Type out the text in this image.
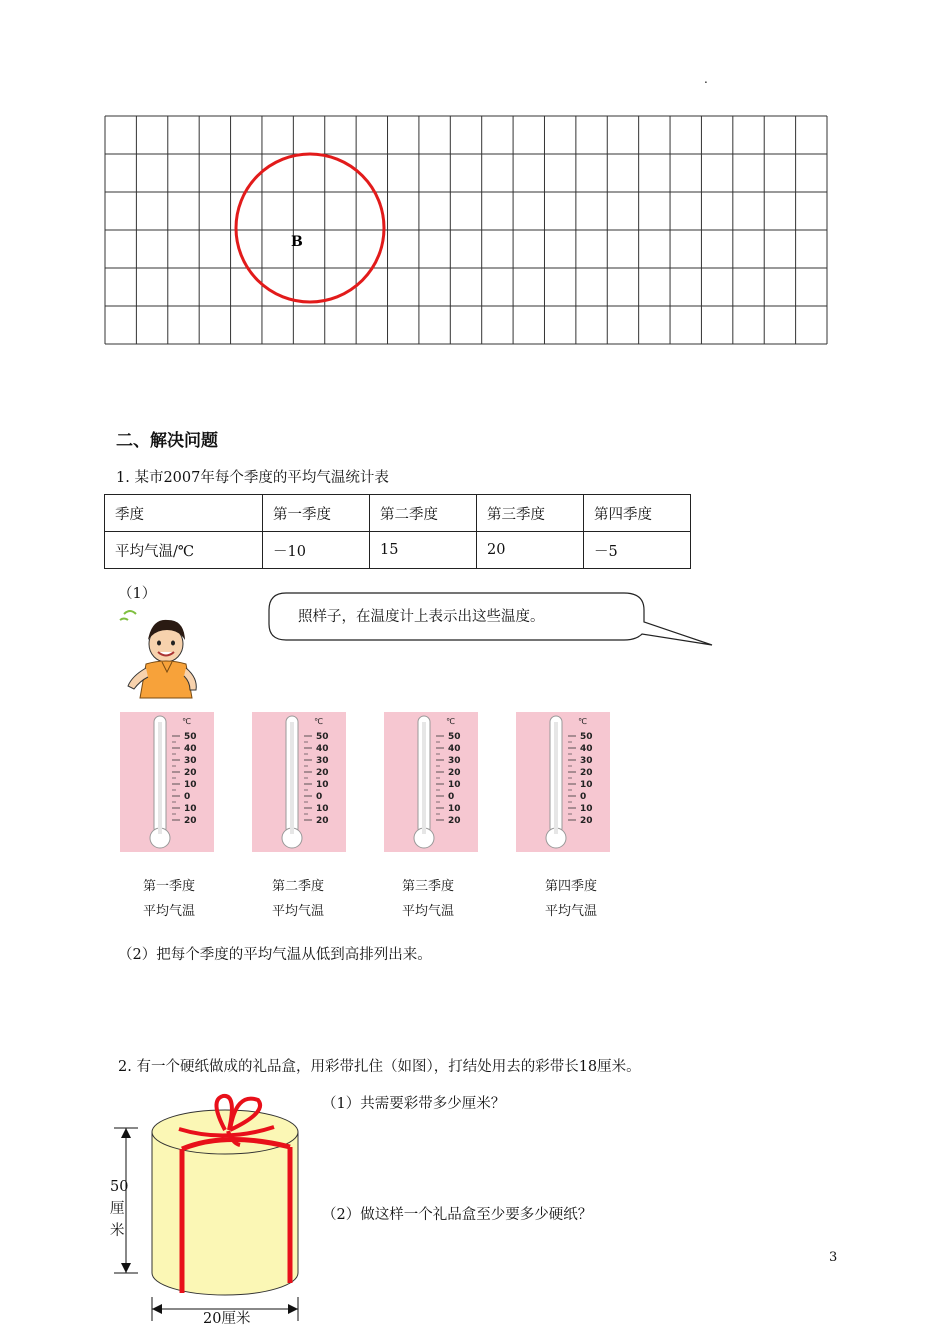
.
B
二、解决问题
1. 某市2007年每个季度的平均气温统计表
季度	第一季度	第二季度	第三季度	第四季度
平均气温/℃	－10	15	20	－5
（1）
照样子，在温度计上表示出这些温度。
℃
50
40
30
20
10
0
10
20
℃
50
40
30
20
10
0
10
20
℃
50
40
30
20
10
0
10
20
℃
50
40
30
20
10
0
10
20
第一季度
平均气温
第二季度
平均气温
第三季度
平均气温
第四季度
平均气温
（2）把每个季度的平均气温从低到高排列出来。
2. 有一个硬纸做成的礼品盒，用彩带扎住（如图），打结处用去的彩带长18厘米。
（1）共需要彩带多少厘米？
（2）做这样一个礼品盒至少要多少硬纸？
50
厘
米
20厘米
3
